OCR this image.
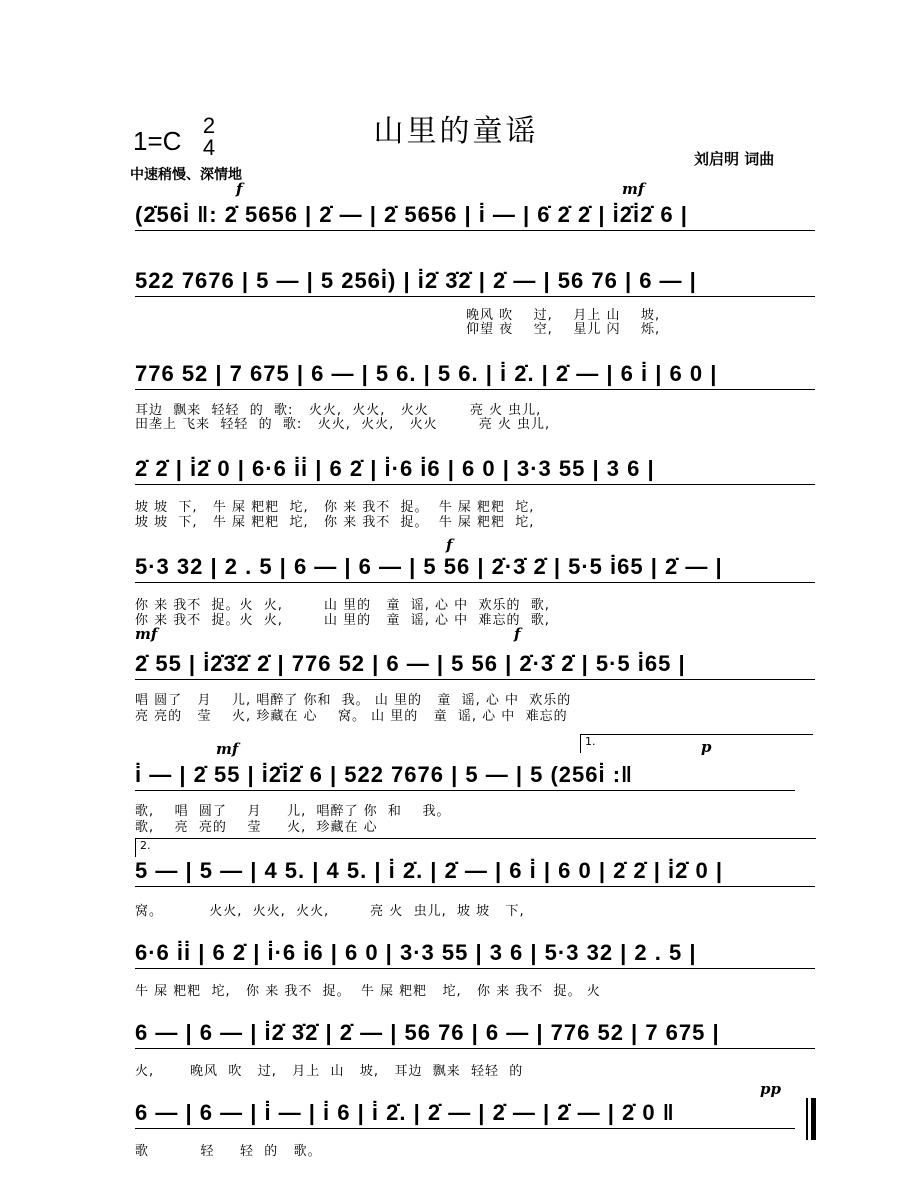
山里的童谣
1=C
2
4
中速稍慢、深情地
刘启明 词曲
f	mf
(2̇56i̇ ‖: 2̇ 5656 | 2̇ — | 2̇ 5656 | i̇ — | 6̇ 2̇ 2̇ | i̇2̇i̇2̇ 6 |
522 7676 | 5 — | 5 256i̇) | i̇2̇ 3̇2̇ | 2̇ — | 56 76 | 6 — |
晚风 吹    过,    月上 山    坡,
仰望 夜    空,    星儿 闪    烁,
776 52 | 7 675 | 6 — | 5 6. | 5 6. | i̇ 2̇. | 2̇ — | 6 i̇ | 6 0 |
耳边  飘来  轻轻  的  歌:   火火,  火火,   火火        亮 火 虫儿,
田垄上 飞来  轻轻  的  歌:   火火,  火火,   火火        亮 火 虫儿,
2̇ 2̇ | i̇2̇ 0 | 6·6 i̇i̇ | 6 2̇ | i̇·6 i̇6 | 6 0 | 3·3 55 | 3 6 |
坡 坡  下,   牛 屎 粑粑  坨,   你 来 我不  捉。  牛 屎 粑粑  坨,
坡 坡  下,   牛 屎 粑粑  坨,   你 来 我不  捉。  牛 屎 粑粑  坨,
f
5·3 32 | 2 . 5 | 6 — | 6 — | 5 56 | 2̇·3̇ 2̇ | 5·5 i̇65 | 2̇ — |
你 来 我不  捉。火  火,        山 里的   童  谣, 心 中  欢乐的  歌,
你 来 我不  捉。火  火,        山 里的   童  谣, 心 中  难忘的  歌,
mf	f
2̇ 55 | i̇2̇3̇2̇ 2̇ | 776 52 | 6 — | 5 56 | 2̇·3̇ 2̇ | 5·5 i̇65 |
唱 圆了   月    儿, 唱醉了 你和  我。 山 里的   童  谣, 心 中  欢乐的
亮 亮的   莹    火, 珍藏在 心    窝。 山 里的   童  谣, 心 中  难忘的
1.
mf	p
i̇ — | 2̇ 55 | i̇2̇i̇2̇ 6 | 522 7676 | 5 — | 5 (256i̇ :‖
歌,    唱  圆了    月     儿,  唱醉了 你  和    我。
歌,    亮  亮的    莹     火,  珍藏在 心
2.
5 — | 5 — | 4 5. | 4 5. | i̇ 2̇. | 2̇ — | 6 i̇ | 6 0 | 2̇ 2̇ | i̇2̇ 0 |
窝。         火火,  火火,  火火,        亮 火  虫儿,  坡 坡   下,
6·6 i̇i̇ | 6 2̇ | i̇·6 i̇6 | 6 0 | 3·3 55 | 3 6 | 5·3 32 | 2 . 5 |
牛 屎 粑粑  坨,   你 来 我不  捉。  牛 屎 粑粑   坨,   你 来 我不  捉。 火
6 — | 6 — | i̇2̇ 3̇2̇ | 2̇ — | 56 76 | 6 — | 776 52 | 7 675 |
火,       晚风  吹   过,   月上  山   坡,   耳边  飘来  轻轻  的
pp
6 — | 6 — | i̇ — | i̇ 6 | i̇ 2̇. | 2̇ — | 2̇ — | 2̇ — | 2̇ 0 ‖
歌          轻     轻  的   歌。
